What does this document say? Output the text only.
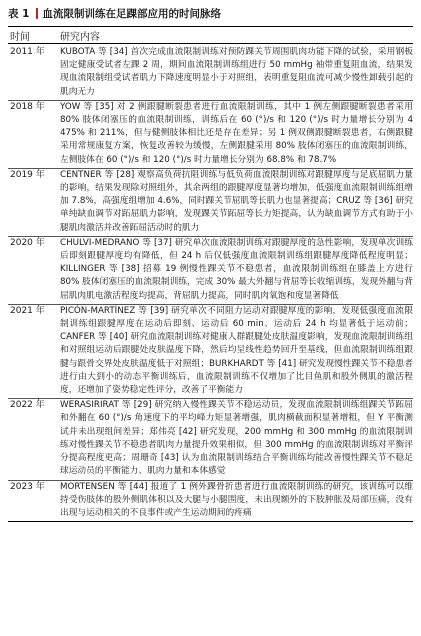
表 1 血流限制训练在足踝部应用的时间脉络
时间	研究内容
2011 年	KUBOTA 等 [34] 首次完成血流限制训练对预防踝关节周围肌肉功能下降的试验，采用钢板固定健康受试者左踝 2 周，期间血流限制训练组进行 50 mmHg 袖带重复阻血流，结果发现血流限制组受试者肌力下降速度明显小于对照组，表明重复阻血流可减少慢性卸载引起的肌肉无力
2018 年	YOW 等 [35] 对 2 例跟腱断裂患者进行血流限制训练，其中 1 例左侧跟腱断裂患者采用 80% 肢体闭塞压的血流限制训练，训练后在 60 (°)/s 和 120 (°)/s 时力量增长分别为 4 475% 和 211%，但与健侧肢体相比还是存在差异；另 1 例双侧跟腱断裂患者，右侧跟腱采用常规康复方案，恢复改善较为缓慢，左侧跟腱采用 80% 肢体闭塞压的血流限制训练，左侧肢体在 60 (°)/s 和 120 (°)/s 时力量增长分别为 68.8% 和 78.7%
2019 年	CENTNER 等 [28] 观察高负荷抗阻训练与低负荷血流限制训练对跟腱厚度与足底屈肌力量的影响，结果发现除对照组外，其余两组的跟腱厚度显著均增加，低强度血流限制训练组增加 7.8%，高强度组增加 4.6%，同时踝关节屈肌等长肌力也显著提高；CRUZ 等 [36] 研究单纯缺血调节对跖屈肌力影响，发现踝关节跖屈等长力矩提高，认为缺血调节方式有助于小腿肌肉激活并改善跖屈活动时的肌力
2020 年	CHULVI-MEDRANO 等 [37] 研究单次血流限制训练对跟腱厚度的急性影响，发现单次训练后即刻跟腱厚度均有降低，但 24 h 后仅低强度血流限制训练组跟腱厚度降低程度明显；KILLINGER 等 [38] 招募 19 例慢性踝关节不稳患者，血流限制训练组在膝盖上方进行 80% 肢体闭塞压的血流限制训练，完成 30% 最大外翻与背屈等长收缩训练，发现外翻与背屈肌肉肌电激活程度均提高，背屈肌力提高，同时肌肉氧饱和度显著降低
2021 年	PICÓN-MARTÍNEZ 等 [39] 研究单次不同阻力运动对跟腱厚度的影响，发现低强度血流限制训练组跟腱厚度在运动后即刻、运动后 60 min、运动后 24 h 均显著低于运动前；CANFER 等 [40] 研究血流限制训练对健康人群跟腱处皮肤温度影响，发现血流限制训练组和对照组运动后跟腱处皮肤温度下降，然后均呈线性趋势回升至基线，但血流限制训练组跟腱与跟骨交界处皮肤温度低于对照组；BURKHARDT 等 [41] 研究发现慢性踝关节不稳患者进行由大到小的动态平衡训练后，血流限制训练不仅增加了比目鱼肌和股外侧肌的激活程度，还增加了姿势稳定性评分，改善了平衡能力
2022 年	WERASIRIRAT 等 [29] 研究纳入慢性踝关节不稳运动员，发现血流限制训练组踝关节跖屈和外翻在 60 (°)/s 角速度下的平均峰力矩显著增强，肌肉横截面积显著增粗，但 Y 平衡测试并未出现组间差异；郑伟亮 [42] 研究发现，200 mmHg 和 300 mmHg 的血流限制训练对慢性踝关节不稳患者肌肉力量提升效果相似，但 300 mmHg 的血流限制训练对平衡评分提高程度更高；周珊奇 [43] 认为血流限制训练结合平衡训练均能改善慢性踝关节不稳足球运动员的平衡能力、肌肉力量和本体感觉
2023 年	MORTENSEN 等 [44] 报道了 1 例外踝骨折患者进行血流限制训练的研究，该训练可以维持受伤肢体的股外侧肌体积以及大腿与小腿围度，未出现额外的下肢肿胀及局部压痛，没有出现与运动相关的不良事件或产生运动期间的疼痛
